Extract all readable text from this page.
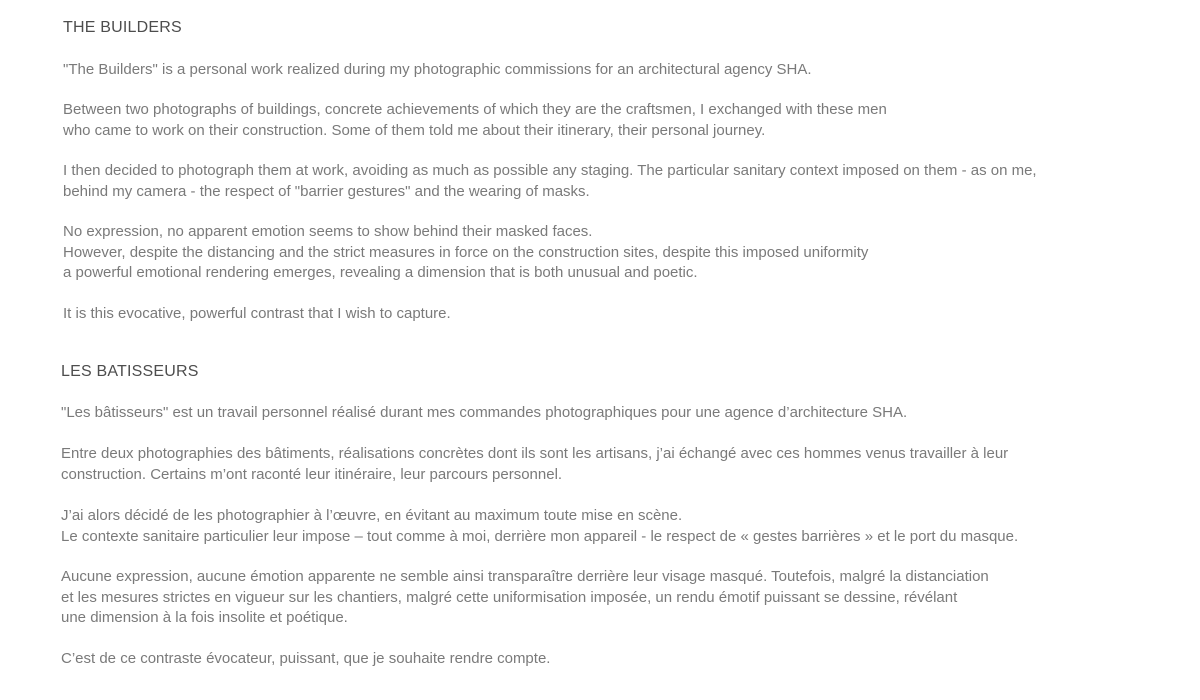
THE BUILDERS

"The Builders" is a personal work realized during my photographic commissions for an architectural agency SHA.

Between two photographs of buildings, concrete achievements of which they are the craftsmen, I exchanged with these men
who came to work on their construction. Some of them told me about their itinerary, their personal journey.

I then decided to photograph them at work, avoiding as much as possible any staging. The particular sanitary context imposed on them - as on me,
behind my camera - the respect of "barrier gestures" and the wearing of masks.

No expression, no apparent emotion seems to show behind their masked faces.
However, despite the distancing and the strict measures in force on the construction sites, despite this imposed uniformity
a powerful emotional rendering emerges, revealing a dimension that is both unusual and poetic.

It is this evocative, powerful contrast that I wish to capture.

LES BATISSEURS

"Les bâtisseurs" est un travail personnel réalisé durant mes commandes photographiques pour une agence d’architecture SHA.

Entre deux photographies des bâtiments, réalisations concrètes dont ils sont les artisans, j’ai échangé avec ces hommes venus travailler à leur
construction. Certains m’ont raconté leur itinéraire, leur parcours personnel.

J’ai alors décidé de les photographier à l’œuvre, en évitant au maximum toute mise en scène.
Le contexte sanitaire particulier leur impose – tout comme à moi, derrière mon appareil - le respect de « gestes barrières » et le port du masque.

Aucune expression, aucune émotion apparente ne semble ainsi transparaître derrière leur visage masqué. Toutefois, malgré la distanciation
et les mesures strictes en vigueur sur les chantiers, malgré cette uniformisation imposée, un rendu émotif puissant se dessine, révélant
une dimension à la fois insolite et poétique.

C’est de ce contraste évocateur, puissant, que je souhaite rendre compte.
